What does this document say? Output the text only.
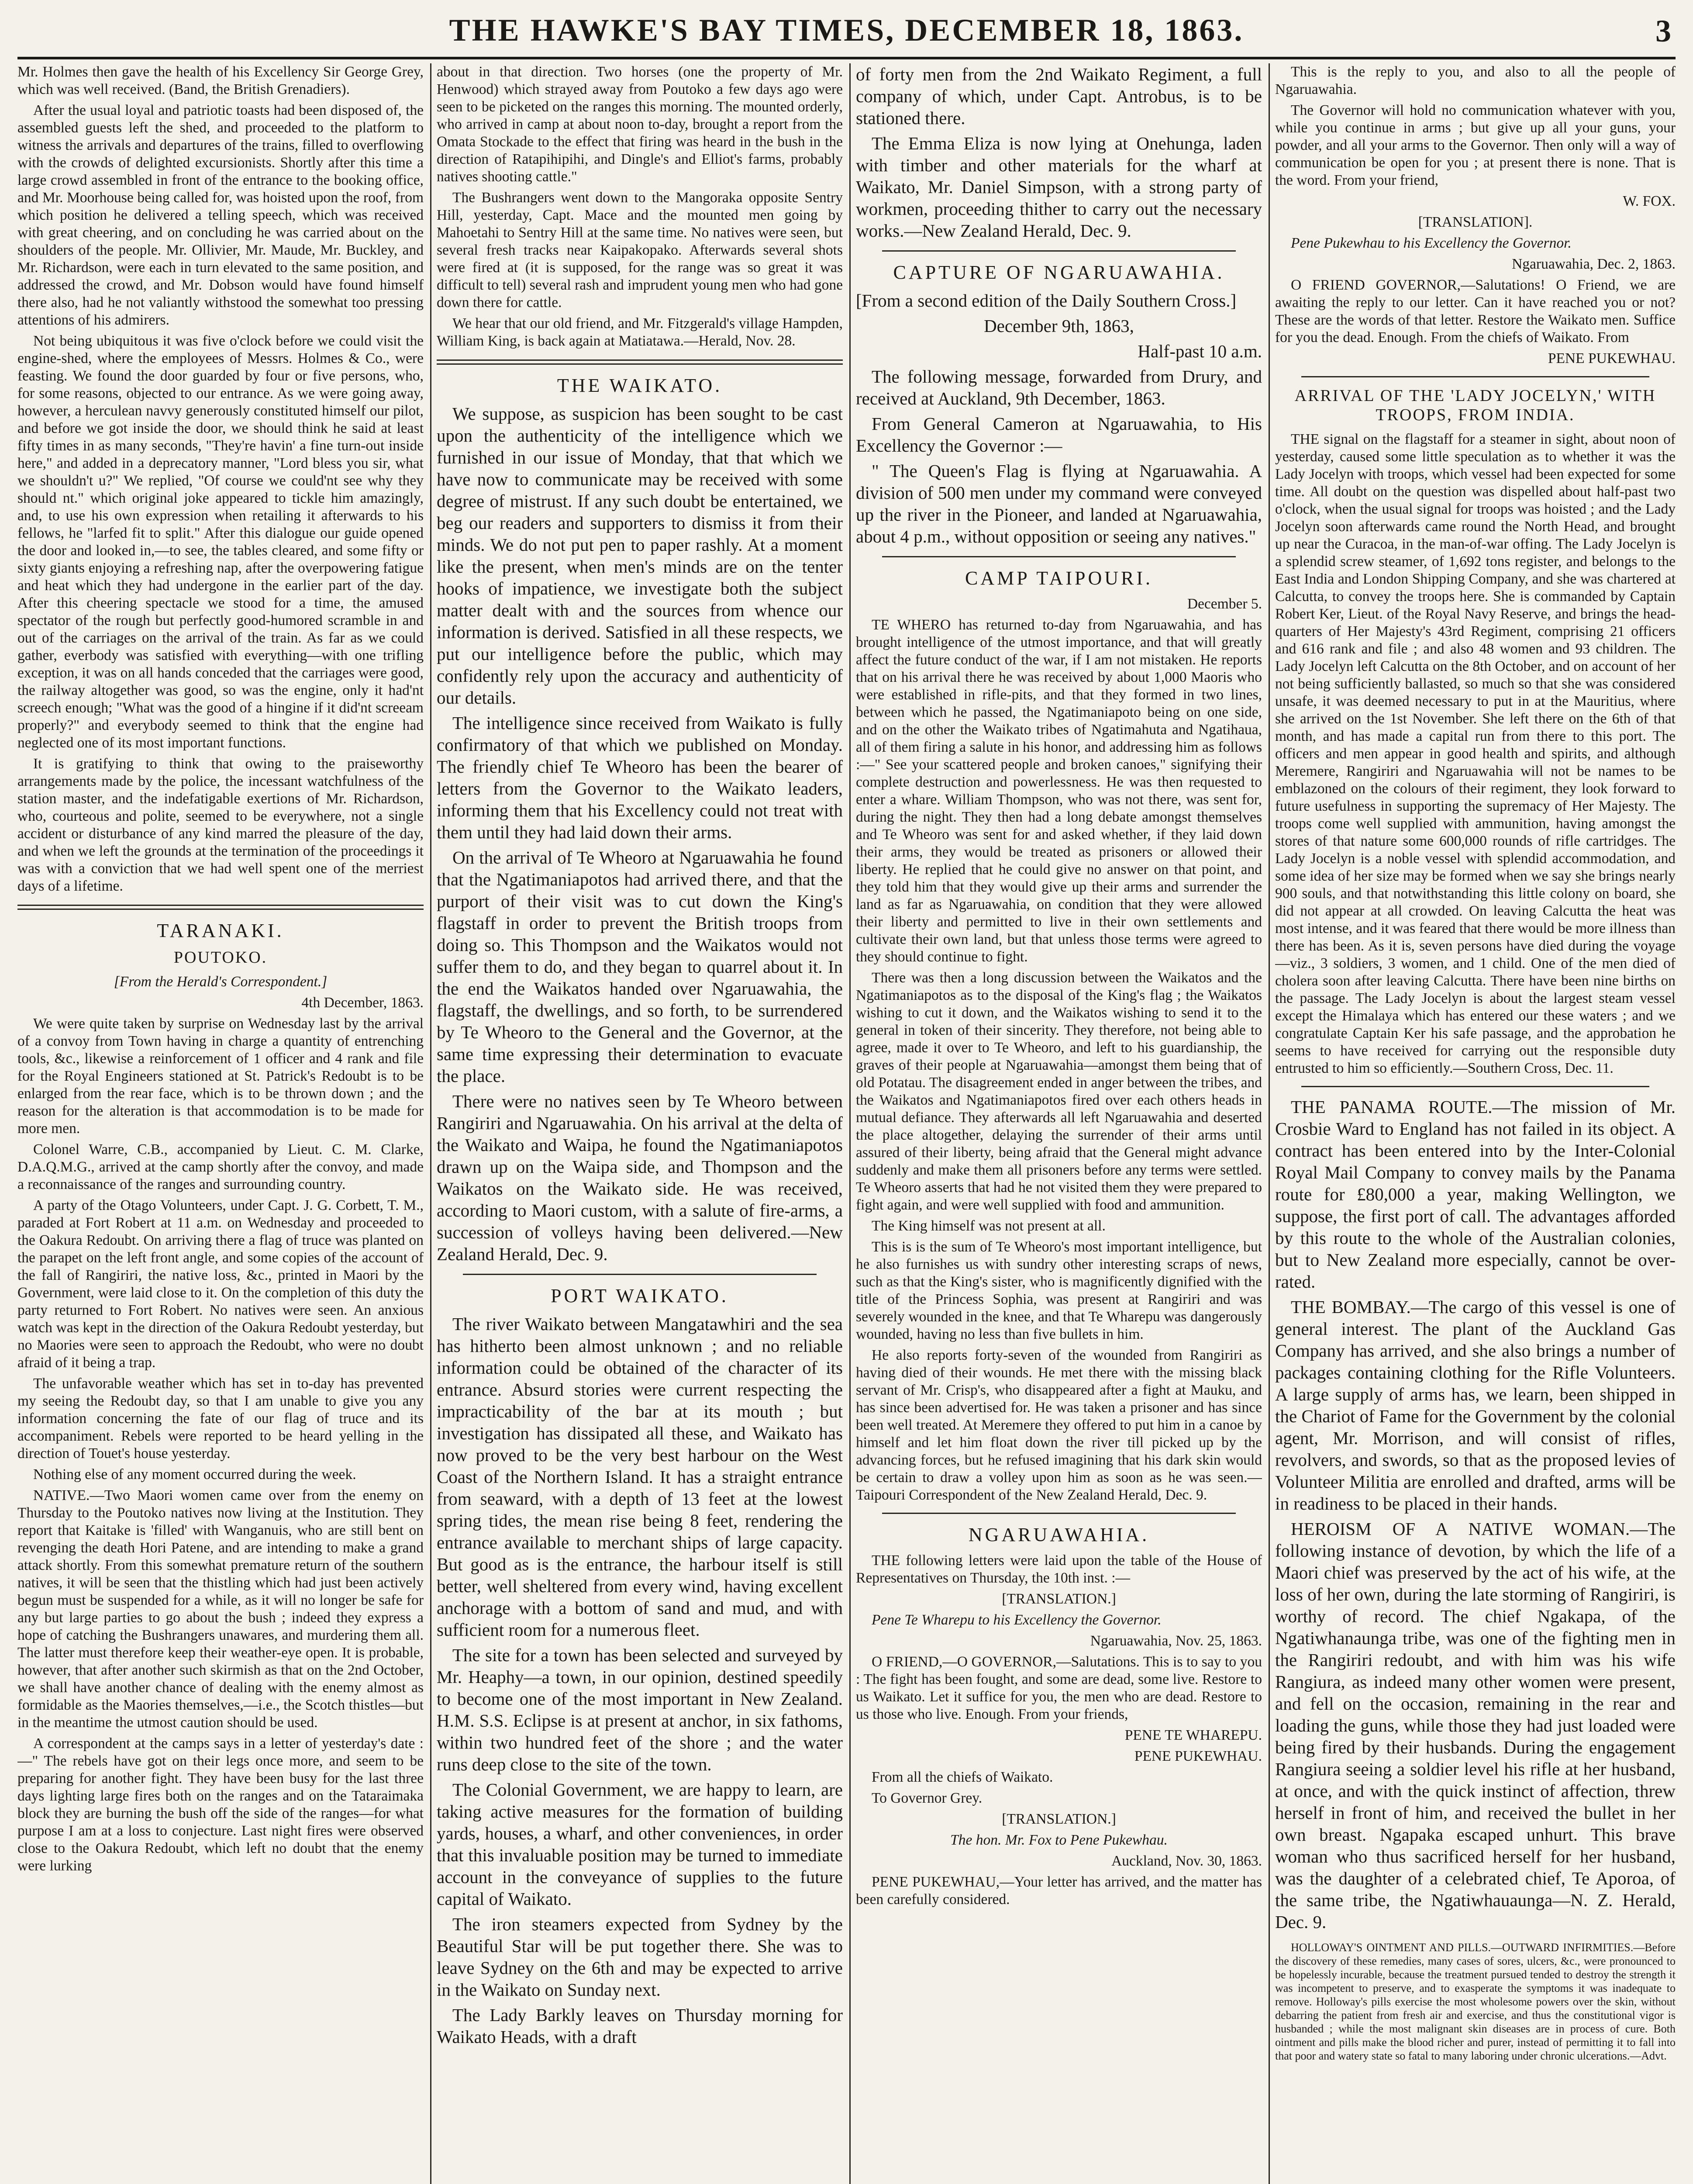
THE HAWKE'S BAY TIMES, DECEMBER 18, 1863.	3

Mr. Holmes then gave the health of his Excellency Sir George Grey, which was well received. (Band, the British Grenadiers).

After the usual loyal and patriotic toasts had been disposed of, the assembled guests left the shed, and proceeded to the platform to witness the arrivals and departures of the trains, filled to overflowing with the crowds of delighted excursionists. Shortly after this time a large crowd assembled in front of the entrance to the booking office, and Mr. Moorhouse being called for, was hoisted upon the roof, from which position he delivered a telling speech, which was received with great cheering, and on concluding he was carried about on the shoulders of the people. Mr. Ollivier, Mr. Maude, Mr. Buckley, and Mr. Richardson, were each in turn elevated to the same position, and addressed the crowd, and Mr. Dobson would have found himself there also, had he not valiantly withstood the somewhat too pressing attentions of his admirers.

Not being ubiquitous it was five o'clock before we could visit the engine-shed, where the employees of Messrs. Holmes & Co., were feasting. We found the door guarded by four or five persons, who, for some reasons, objected to our entrance. As we were going away, however, a herculean navvy generously constituted himself our pilot, and before we got inside the door, we should think he said at least fifty times in as many seconds, "They're havin' a fine turn-out inside here," and added in a deprecatory manner, "Lord bless you sir, what we shouldn't u?" We replied, "Of course we could'nt see why they should nt." which original joke appeared to tickle him amazingly, and, to use his own expression when retailing it afterwards to his fellows, he "larfed fit to split." After this dialogue our guide opened the door and looked in,—to see, the tables cleared, and some fifty or sixty giants enjoying a refreshing nap, after the overpowering fatigue and heat which they had undergone in the earlier part of the day. After this cheering spectacle we stood for a time, the amused spectator of the rough but perfectly good-humored scramble in and out of the carriages on the arrival of the train. As far as we could gather, everbody was satisfied with everything—with one trifling exception, it was on all hands conceded that the carriages were good, the railway altogether was good, so was the engine, only it had'nt screech enough; "What was the good of a hingine if it did'nt screeam properly?" and everybody seemed to think that the engine had neglected one of its most important functions.

It is gratifying to think that owing to the praiseworthy arrangements made by the police, the incessant watchfulness of the station master, and the indefatigable exertions of Mr. Richardson, who, courteous and polite, seemed to be everywhere, not a single accident or disturbance of any kind marred the pleasure of the day, and when we left the grounds at the termination of the proceedings it was with a conviction that we had well spent one of the merriest days of a lifetime.

TARANAKI.
POUTOKO.

[From the Herald's Correspondent.]

4th December, 1863.

We were quite taken by surprise on Wednesday last by the arrival of a convoy from Town having in charge a quantity of entrenching tools, &c., likewise a reinforcement of 1 officer and 4 rank and file for the Royal Engineers stationed at St. Patrick's Redoubt is to be enlarged from the rear face, which is to be thrown down ; and the reason for the alteration is that accommodation is to be made for more men.

Colonel Warre, C.B., accompanied by Lieut. C. M. Clarke, D.A.Q.M.G., arrived at the camp shortly after the convoy, and made a reconnaissance of the ranges and surrounding country.

A party of the Otago Volunteers, under Capt. J. G. Corbett, T. M., paraded at Fort Robert at 11 a.m. on Wednesday and proceeded to the Oakura Redoubt. On arriving there a flag of truce was planted on the parapet on the left front angle, and some copies of the account of the fall of Rangiriri, the native loss, &c., printed in Maori by the Government, were laid close to it. On the completion of this duty the party returned to Fort Robert. No natives were seen. An anxious watch was kept in the direction of the Oakura Redoubt yesterday, but no Maories were seen to approach the Redoubt, who were no doubt afraid of it being a trap.

The unfavorable weather which has set in to-day has prevented my seeing the Redoubt day, so that I am unable to give you any information concerning the fate of our flag of truce and its accompaniment. Rebels were reported to be heard yelling in the direction of Touet's house yesterday.

Nothing else of any moment occurred during the week.

NATIVE.—Two Maori women came over from the enemy on Thursday to the Poutoko natives now living at the Institution. They report that Kaitake is 'filled' with Wanganuis, who are still bent on revenging the death Hori Patene, and are intending to make a grand attack shortly. From this somewhat premature return of the southern natives, it will be seen that the thistling which had just been actively begun must be suspended for a while, as it will no longer be safe for any but large parties to go about the bush ; indeed they express a hope of catching the Bushrangers unawares, and murdering them all. The latter must therefore keep their weather-eye open. It is probable, however, that after another such skirmish as that on the 2nd October, we shall have another chance of dealing with the enemy almost as formidable as the Maories themselves,—i.e., the Scotch thistles—but in the meantime the utmost caution should be used.

A correspondent at the camps says in a letter of yesterday's date :—" The rebels have got on their legs once more, and seem to be preparing for another fight. They have been busy for the last three days lighting large fires both on the ranges and on the Tataraimaka block they are burning the bush off the side of the ranges—for what purpose I am at a loss to conjecture. Last night fires were observed close to the Oakura Redoubt, which left no doubt that the enemy were lurking

about in that direction. Two horses (one the property of Mr. Henwood) which strayed away from Poutoko a few days ago were seen to be picketed on the ranges this morning. The mounted orderly, who arrived in camp at about noon to-day, brought a report from the Omata Stockade to the effect that firing was heard in the bush in the direction of Ratapihipihi, and Dingle's and Elliot's farms, probably natives shooting cattle."

The Bushrangers went down to the Mangoraka opposite Sentry Hill, yesterday, Capt. Mace and the mounted men going by Mahoetahi to Sentry Hill at the same time. No natives were seen, but several fresh tracks near Kaipakopako. Afterwards several shots were fired at (it is supposed, for the range was so great it was difficult to tell) several rash and imprudent young men who had gone down there for cattle.

We hear that our old friend, and Mr. Fitzgerald's village Hampden, William King, is back again at Matiatawa.—Herald, Nov. 28.

THE WAIKATO.

We suppose, as suspicion has been sought to be cast upon the authenticity of the intelligence which we furnished in our issue of Monday, that that which we have now to communicate may be received with some degree of mistrust. If any such doubt be entertained, we beg our readers and supporters to dismiss it from their minds. We do not put pen to paper rashly. At a moment like the present, when men's minds are on the tenter hooks of impatience, we investigate both the subject matter dealt with and the sources from whence our information is derived. Satisfied in all these respects, we put our intelligence before the public, which may confidently rely upon the accuracy and authenticity of our details.

The intelligence since received from Waikato is fully confirmatory of that which we published on Monday. The friendly chief Te Wheoro has been the bearer of letters from the Governor to the Waikato leaders, informing them that his Excellency could not treat with them until they had laid down their arms.

On the arrival of Te Wheoro at Ngaruawahia he found that the Ngatimaniapotos had arrived there, and that the purport of their visit was to cut down the King's flagstaff in order to prevent the British troops from doing so. This Thompson and the Waikatos would not suffer them to do, and they began to quarrel about it. In the end the Waikatos handed over Ngaruawahia, the flagstaff, the dwellings, and so forth, to be surrendered by Te Wheoro to the General and the Governor, at the same time expressing their determination to evacuate the place.

There were no natives seen by Te Wheoro between Rangiriri and Ngaruawahia. On his arrival at the delta of the Waikato and Waipa, he found the Ngatimaniapotos drawn up on the Waipa side, and Thompson and the Waikatos on the Waikato side. He was received, according to Maori custom, with a salute of fire-arms, a succession of volleys having been delivered.—New Zealand Herald, Dec. 9.

PORT WAIKATO.

The river Waikato between Mangatawhiri and the sea has hitherto been almost unknown ; and no reliable information could be obtained of the character of its entrance. Absurd stories were current respecting the impracticability of the bar at its mouth ; but investigation has dissipated all these, and Waikato has now proved to be the very best harbour on the West Coast of the Northern Island. It has a straight entrance from seaward, with a depth of 13 feet at the lowest spring tides, the mean rise being 8 feet, rendering the entrance available to merchant ships of large capacity. But good as is the entrance, the harbour itself is still better, well sheltered from every wind, having excellent anchorage with a bottom of sand and mud, and with sufficient room for a numerous fleet.

The site for a town has been selected and surveyed by Mr. Heaphy—a town, in our opinion, destined speedily to become one of the most important in New Zealand. H.M. S.S. Eclipse is at present at anchor, in six fathoms, within two hundred feet of the shore ; and the water runs deep close to the site of the town.

The Colonial Government, we are happy to learn, are taking active measures for the formation of building yards, houses, a wharf, and other conveniences, in order that this invaluable position may be turned to immediate account in the conveyance of supplies to the future capital of Waikato.

The iron steamers expected from Sydney by the Beautiful Star will be put together there. She was to leave Sydney on the 6th and may be expected to arrive in the Waikato on Sunday next.

The Lady Barkly leaves on Thursday morning for Waikato Heads, with a draft

of forty men from the 2nd Waikato Regiment, a full company of which, under Capt. Antrobus, is to be stationed there.

The Emma Eliza is now lying at Onehunga, laden with timber and other materials for the wharf at Waikato, Mr. Daniel Simpson, with a strong party of workmen, proceeding thither to carry out the necessary works.—New Zealand Herald, Dec. 9.

CAPTURE OF NGARUAWAHIA.

[From a second edition of the Daily Southern Cross.]

December 9th, 1863,

Half-past 10 a.m.

The following message, forwarded from Drury, and received at Auckland, 9th December, 1863.

From General Cameron at Ngaruawahia, to His Excellency the Governor :—

" The Queen's Flag is flying at Ngaruawahia. A division of 500 men under my command were conveyed up the river in the Pioneer, and landed at Ngaruawahia, about 4 p.m., without opposition or seeing any natives."

CAMP TAIPOURI.

December 5.

TE WHERO has returned to-day from Ngaruawahia, and has brought intelligence of the utmost importance, and that will greatly affect the future conduct of the war, if I am not mistaken. He reports that on his arrival there he was received by about 1,000 Maoris who were established in rifle-pits, and that they formed in two lines, between which he passed, the Ngatimaniapoto being on one side, and on the other the Waikato tribes of Ngatimahuta and Ngatihaua, all of them firing a salute in his honor, and addressing him as follows :—" See your scattered people and broken canoes," signifying their complete destruction and powerlessness. He was then requested to enter a whare. William Thompson, who was not there, was sent for, during the night. They then had a long debate amongst themselves and Te Wheoro was sent for and asked whether, if they laid down their arms, they would be treated as prisoners or allowed their liberty. He replied that he could give no answer on that point, and they told him that they would give up their arms and surrender the land as far as Ngaruawahia, on condition that they were allowed their liberty and permitted to live in their own settlements and cultivate their own land, but that unless those terms were agreed to they should continue to fight.

There was then a long discussion between the Waikatos and the Ngatimaniapotos as to the disposal of the King's flag ; the Waikatos wishing to cut it down, and the Waikatos wishing to send it to the general in token of their sincerity. They therefore, not being able to agree, made it over to Te Wheoro, and left to his guardianship, the graves of their people at Ngaruawahia—amongst them being that of old Potatau. The disagreement ended in anger between the tribes, and the Waikatos and Ngatimaniapotos fired over each others heads in mutual defiance. They afterwards all left Ngaruawahia and deserted the place altogether, delaying the surrender of their arms until assured of their liberty, being afraid that the General might advance suddenly and make them all prisoners before any terms were settled. Te Wheoro asserts that had he not visited them they were prepared to fight again, and were well supplied with food and ammunition.

The King himself was not present at all.

This is is the sum of Te Wheoro's most important intelligence, but he also furnishes us with sundry other interesting scraps of news, such as that the King's sister, who is magnificently dignified with the title of the Princess Sophia, was present at Rangiriri and was severely wounded in the knee, and that Te Wharepu was dangerously wounded, having no less than five bullets in him.

He also reports forty-seven of the wounded from Rangiriri as having died of their wounds. He met there with the missing black servant of Mr. Crisp's, who disappeared after a fight at Mauku, and has since been advertised for. He was taken a prisoner and has since been well treated. At Meremere they offered to put him in a canoe by himself and let him float down the river till picked up by the advancing forces, but he refused imagining that his dark skin would be certain to draw a volley upon him as soon as he was seen.—Taipouri Correspondent of the New Zealand Herald, Dec. 9.

NGARUAWAHIA.

THE following letters were laid upon the table of the House of Representatives on Thursday, the 10th inst. :—

[TRANSLATION.]

Pene Te Wharepu to his Excellency the Governor.

Ngaruawahia, Nov. 25, 1863.

O FRIEND,—O GOVERNOR,—Salutations. This is to say to you : The fight has been fought, and some are dead, some live. Restore to us Waikato. Let it suffice for you, the men who are dead. Restore to us those who live. Enough. From your friends,

PENE TE WHAREPU.

PENE PUKEWHAU.

From all the chiefs of Waikato.

To Governor Grey.

[TRANSLATION.]

The hon. Mr. Fox to Pene Pukewhau.

Auckland, Nov. 30, 1863.

PENE PUKEWHAU,—Your letter has arrived, and the matter has been carefully considered.

This is the reply to you, and also to all the people of Ngaruawahia.

The Governor will hold no communication whatever with you, while you continue in arms ; but give up all your guns, your powder, and all your arms to the Governor. Then only will a way of communication be open for you ; at present there is none. That is the word. From your friend,

W. FOX.

[TRANSLATION].

Pene Pukewhau to his Excellency the Governor.

Ngaruawahia, Dec. 2, 1863.

O FRIEND GOVERNOR,—Salutations! O Friend, we are awaiting the reply to our letter. Can it have reached you or not? These are the words of that letter. Restore the Waikato men. Suffice for you the dead. Enough. From the chiefs of Waikato. From

PENE PUKEWHAU.

ARRIVAL OF THE 'LADY JOCELYN,' WITH TROOPS, FROM INDIA.

THE signal on the flagstaff for a steamer in sight, about noon of yesterday, caused some little speculation as to whether it was the Lady Jocelyn with troops, which vessel had been expected for some time. All doubt on the question was dispelled about half-past two o'clock, when the usual signal for troops was hoisted ; and the Lady Jocelyn soon afterwards came round the North Head, and brought up near the Curacoa, in the man-of-war offing. The Lady Jocelyn is a splendid screw steamer, of 1,692 tons register, and belongs to the East India and London Shipping Company, and she was chartered at Calcutta, to convey the troops here. She is commanded by Captain Robert Ker, Lieut. of the Royal Navy Reserve, and brings the head-quarters of Her Majesty's 43rd Regiment, comprising 21 officers and 616 rank and file ; and also 48 women and 93 children. The Lady Jocelyn left Calcutta on the 8th October, and on account of her not being sufficiently ballasted, so much so that she was considered unsafe, it was deemed necessary to put in at the Mauritius, where she arrived on the 1st November. She left there on the 6th of that month, and has made a capital run from there to this port. The officers and men appear in good health and spirits, and although Meremere, Rangiriri and Ngaruawahia will not be names to be emblazoned on the colours of their regiment, they look forward to future usefulness in supporting the supremacy of Her Majesty. The troops come well supplied with ammunition, having amongst the stores of that nature some 600,000 rounds of rifle cartridges. The Lady Jocelyn is a noble vessel with splendid accommodation, and some idea of her size may be formed when we say she brings nearly 900 souls, and that notwithstanding this little colony on board, she did not appear at all crowded. On leaving Calcutta the heat was most intense, and it was feared that there would be more illness than there has been. As it is, seven persons have died during the voyage—viz., 3 soldiers, 3 women, and 1 child. One of the men died of cholera soon after leaving Calcutta. There have been nine births on the passage. The Lady Jocelyn is about the largest steam vessel except the Himalaya which has entered our these waters ; and we congratulate Captain Ker his safe passage, and the approbation he seems to have received for carrying out the responsible duty entrusted to him so efficiently.—Southern Cross, Dec. 11.

THE PANAMA ROUTE.—The mission of Mr. Crosbie Ward to England has not failed in its object. A contract has been entered into by the Inter-Colonial Royal Mail Company to convey mails by the Panama route for £80,000 a year, making Wellington, we suppose, the first port of call. The advantages afforded by this route to the whole of the Australian colonies, but to New Zealand more especially, cannot be over-rated.

THE BOMBAY.—The cargo of this vessel is one of general interest. The plant of the Auckland Gas Company has arrived, and she also brings a number of packages containing clothing for the Rifle Volunteers. A large supply of arms has, we learn, been shipped in the Chariot of Fame for the Government by the colonial agent, Mr. Morrison, and will consist of rifles, revolvers, and swords, so that as the proposed levies of Volunteer Militia are enrolled and drafted, arms will be in readiness to be placed in their hands.

HEROISM OF A NATIVE WOMAN.—The following instance of devotion, by which the life of a Maori chief was preserved by the act of his wife, at the loss of her own, during the late storming of Rangiriri, is worthy of record. The chief Ngakapa, of the Ngatiwhanaunga tribe, was one of the fighting men in the Rangiriri redoubt, and with him was his wife Rangiura, as indeed many other women were present, and fell on the occasion, remaining in the rear and loading the guns, while those they had just loaded were being fired by their husbands. During the engagement Rangiura seeing a soldier level his rifle at her husband, at once, and with the quick instinct of affection, threw herself in front of him, and received the bullet in her own breast. Ngapaka escaped unhurt. This brave woman who thus sacrificed herself for her husband, was the daughter of a celebrated chief, Te Aporoa, of the same tribe, the Ngatiwhauaunga—N. Z. Herald, Dec. 9.

HOLLOWAY'S OINTMENT AND PILLS.—OUTWARD INFIRMITIES.—Before the discovery of these remedies, many cases of sores, ulcers, &c., were pronounced to be hopelessly incurable, because the treatment pursued tended to destroy the strength it was incompetent to preserve, and to exasperate the symptoms it was inadequate to remove. Holloway's pills exercise the most wholesome powers over the skin, without debarring the patient from fresh air and exercise, and thus the constitutional vigor is husbanded ; while the most malignant skin diseases are in process of cure. Both ointment and pills make the blood richer and purer, instead of permitting it to fall into that poor and watery state so fatal to many laboring under chronic ulcerations.—Advt.
